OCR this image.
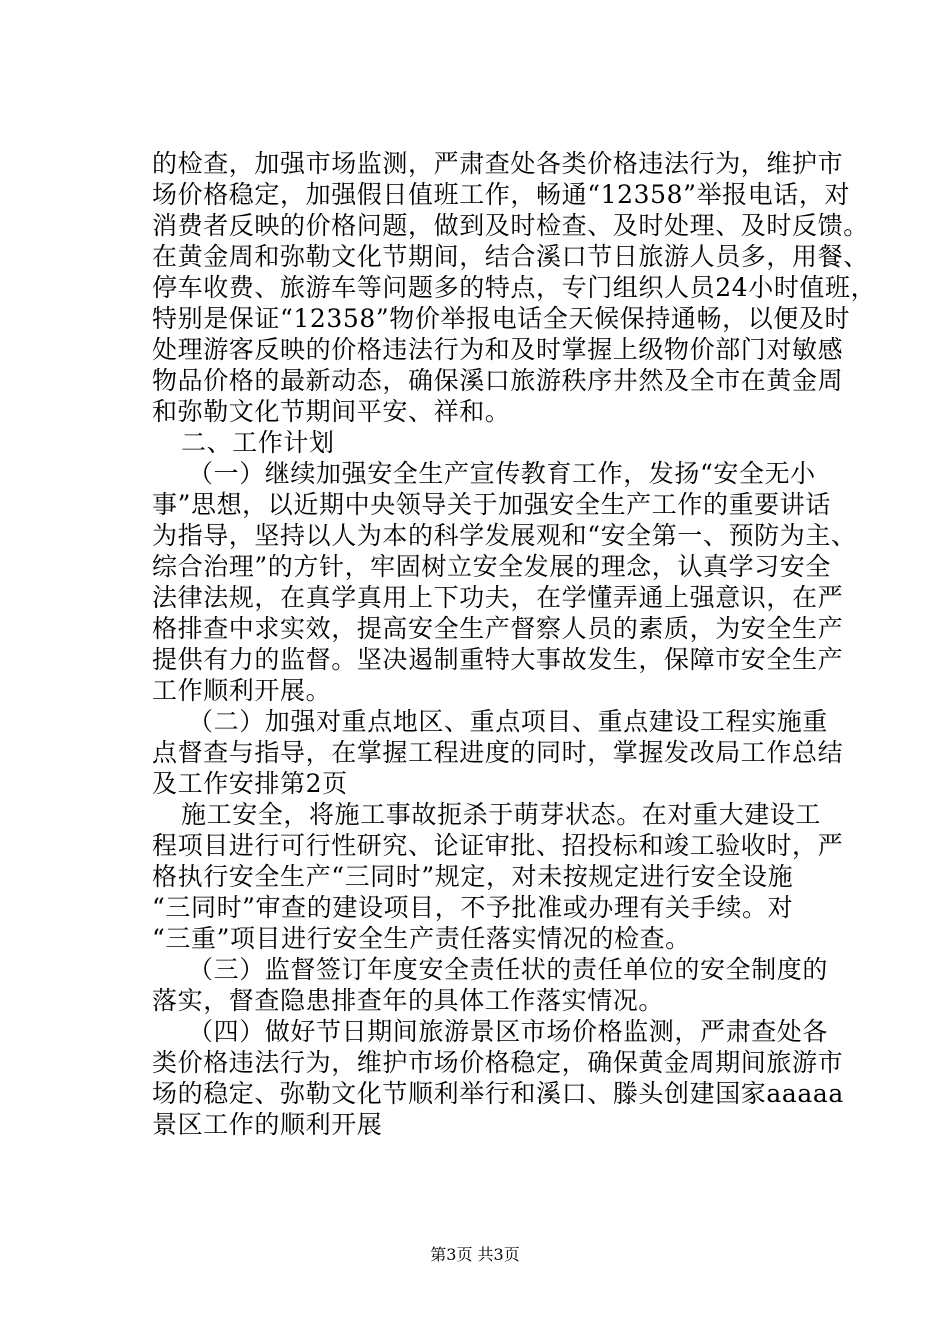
的检查，加强市场监测，严肃查处各类价格违法行为，维护市
场价格稳定，加强假日值班工作，畅通“12358”举报电话，对
消费者反映的价格问题，做到及时检查、及时处理、及时反馈。
在黄金周和弥勒文化节期间，结合溪口节日旅游人员多，用餐、
停车收费、旅游车等问题多的特点，专门组织人员24小时值班，
特别是保证“12358”物价举报电话全天候保持通畅，以便及时
处理游客反映的价格违法行为和及时掌握上级物价部门对敏感
物品价格的最新动态，确保溪口旅游秩序井然及全市在黄金周
和弥勒文化节期间平安、祥和。
二、工作计划
（一）继续加强安全生产宣传教育工作，发扬“安全无小
事”思想，以近期中央领导关于加强安全生产工作的重要讲话
为指导，坚持以人为本的科学发展观和“安全第一、预防为主、
综合治理”的方针，牢固树立安全发展的理念，认真学习安全
法律法规，在真学真用上下功夫，在学懂弄通上强意识，在严
格排查中求实效，提高安全生产督察人员的素质，为安全生产
提供有力的监督。坚决遏制重特大事故发生，保障市安全生产
工作顺利开展。
（二）加强对重点地区、重点项目、重点建设工程实施重
点督查与指导，在掌握工程进度的同时，掌握发改局工作总结
及工作安排第2页
施工安全，将施工事故扼杀于萌芽状态。在对重大建设工
程项目进行可行性研究、论证审批、招投标和竣工验收时，严
格执行安全生产“三同时”规定，对未按规定进行安全设施
“三同时”审查的建设项目，不予批准或办理有关手续。对
“三重”项目进行安全生产责任落实情况的检查。
（三）监督签订年度安全责任状的责任单位的安全制度的
落实，督查隐患排查年的具体工作落实情况。
（四）做好节日期间旅游景区市场价格监测，严肃查处各
类价格违法行为，维护市场价格稳定，确保黄金周期间旅游市
场的稳定、弥勒文化节顺利举行和溪口、滕头创建国家aaaaa
景区工作的顺利开展
第3页 共3页
